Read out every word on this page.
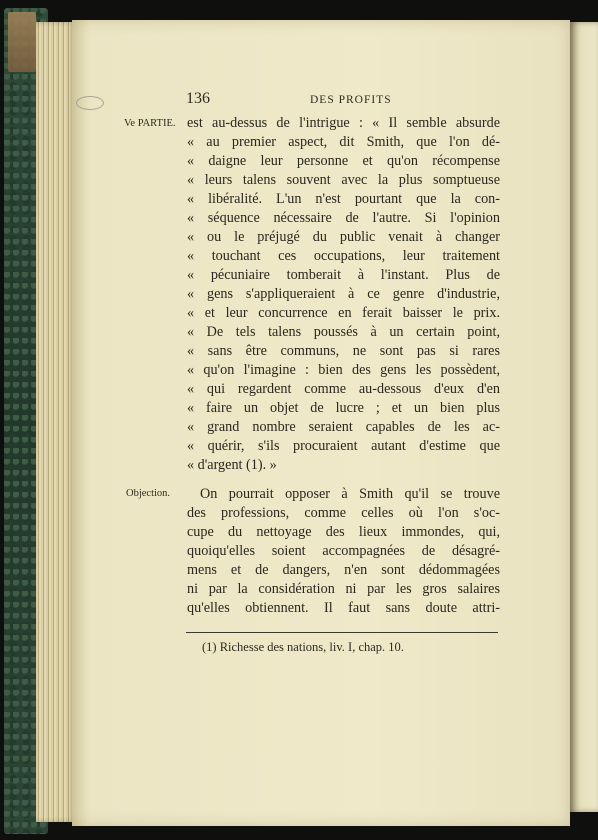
136	DES PROFITS
Ve PARTIE.
Objection.
est au-dessus de l'intrigue : « Il semble absurde
« au premier aspect, dit Smith, que l'on dé-
« daigne leur personne et qu'on récompense
« leurs talens souvent avec la plus somptueuse
« libéralité. L'un n'est pourtant que la con-
« séquence nécessaire de l'autre. Si l'opinion
« ou le préjugé du public venait à changer
« touchant ces occupations, leur traitement
« pécuniaire tomberait à l'instant. Plus de
« gens s'appliqueraient à ce genre d'industrie,
« et leur concurrence en ferait baisser le prix.
« De tels talens poussés à un certain point,
« sans être communs, ne sont pas si rares
« qu'on l'imagine : bien des gens les possèdent,
« qui regardent comme au-dessous d'eux d'en
« faire un objet de lucre ; et un bien plus
« grand nombre seraient capables de les ac-
« quérir, s'ils procuraient autant d'estime que
« d'argent (1). »
On pourrait opposer à Smith qu'il se trouve
des professions, comme celles où l'on s'oc-
cupe du nettoyage des lieux immondes, qui,
quoiqu'elles soient accompagnées de désagré-
mens et de dangers, n'en sont dédommagées
ni par la considération ni par les gros salaires
qu'elles obtiennent. Il faut sans doute attri-
(1) Richesse des nations, liv. I, chap. 10.
